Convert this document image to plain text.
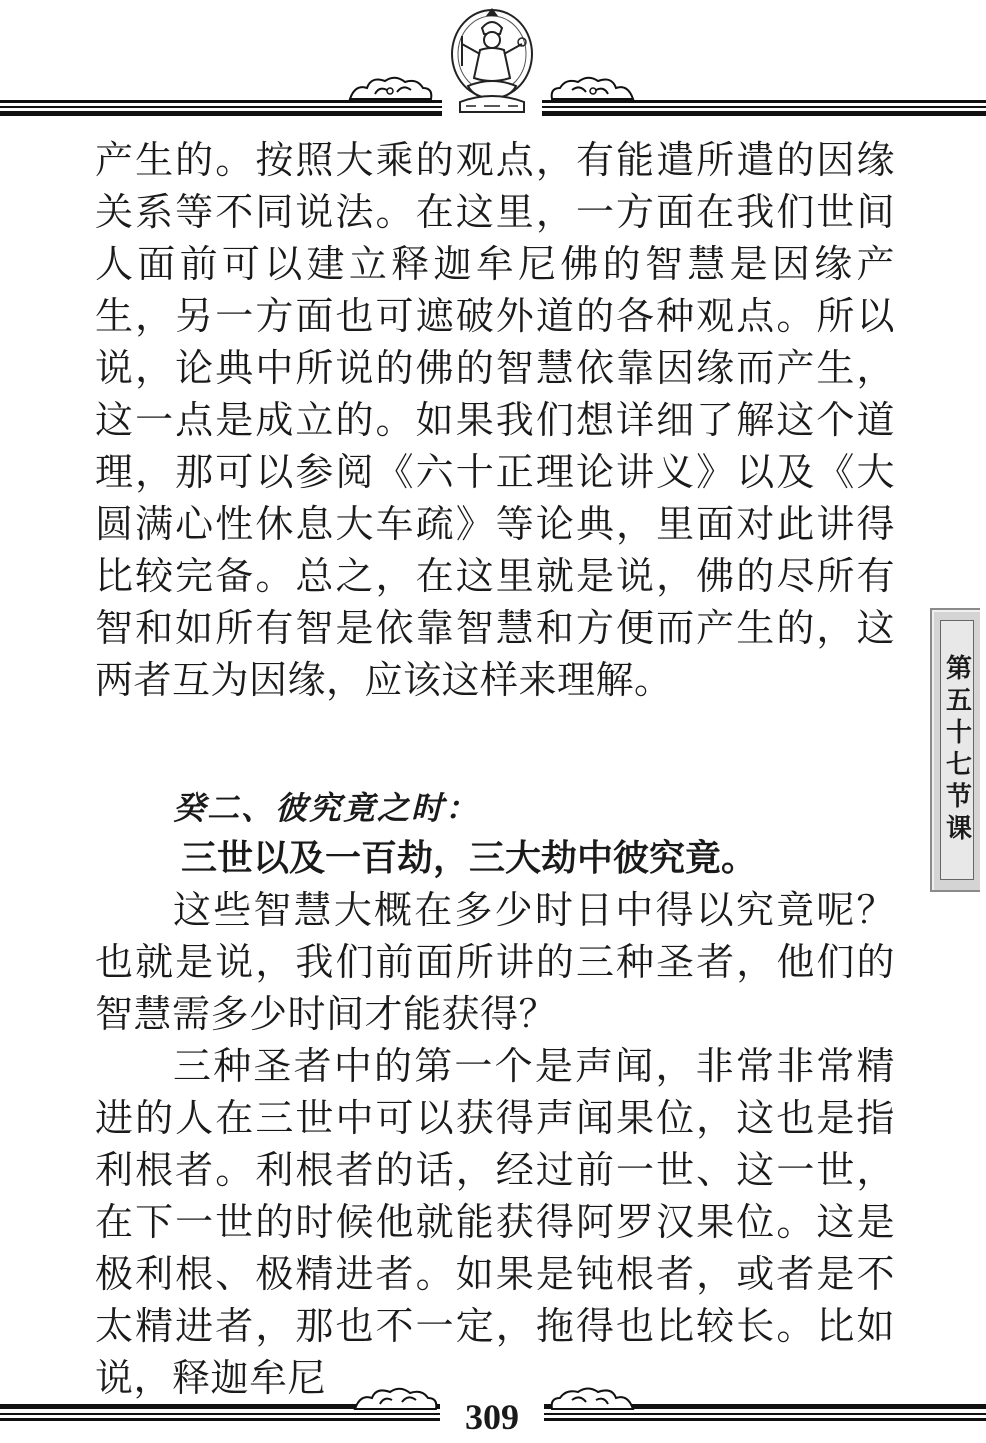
产生的。按照大乘的观点，有能遣所遣的因缘关系等不同说法。在这里，一方面在我们世间人面前可以建立释迦牟尼佛的智慧是因缘产生，另一方面也可遮破外道的各种观点。所以说，论典中所说的佛的智慧依靠因缘而产生，这一点是成立的。如果我们想详细了解这个道理，那可以参阅《六十正理论讲义》以及《大圆满心性休息大车疏》等论典，里面对此讲得比较完备。总之，在这里就是说，佛的尽所有智和如所有智是依靠智慧和方便而产生的，这两者互为因缘，应该这样来理解。

癸二、彼究竟之时：
三世以及一百劫，三大劫中彼究竟。

这些智慧大概在多少时日中得以究竟呢？也就是说，我们前面所讲的三种圣者，他们的智慧需多少时间才能获得？

三种圣者中的第一个是声闻，非常非常精进的人在三世中可以获得声闻果位，这也是指利根者。利根者的话，经过前一世、这一世，在下一世的时候他就能获得阿罗汉果位。这是极利根、极精进者。如果是钝根者，或者是不太精进者，那也不一定，拖得也比较长。比如说，释迦牟尼

第五十七节课
309
